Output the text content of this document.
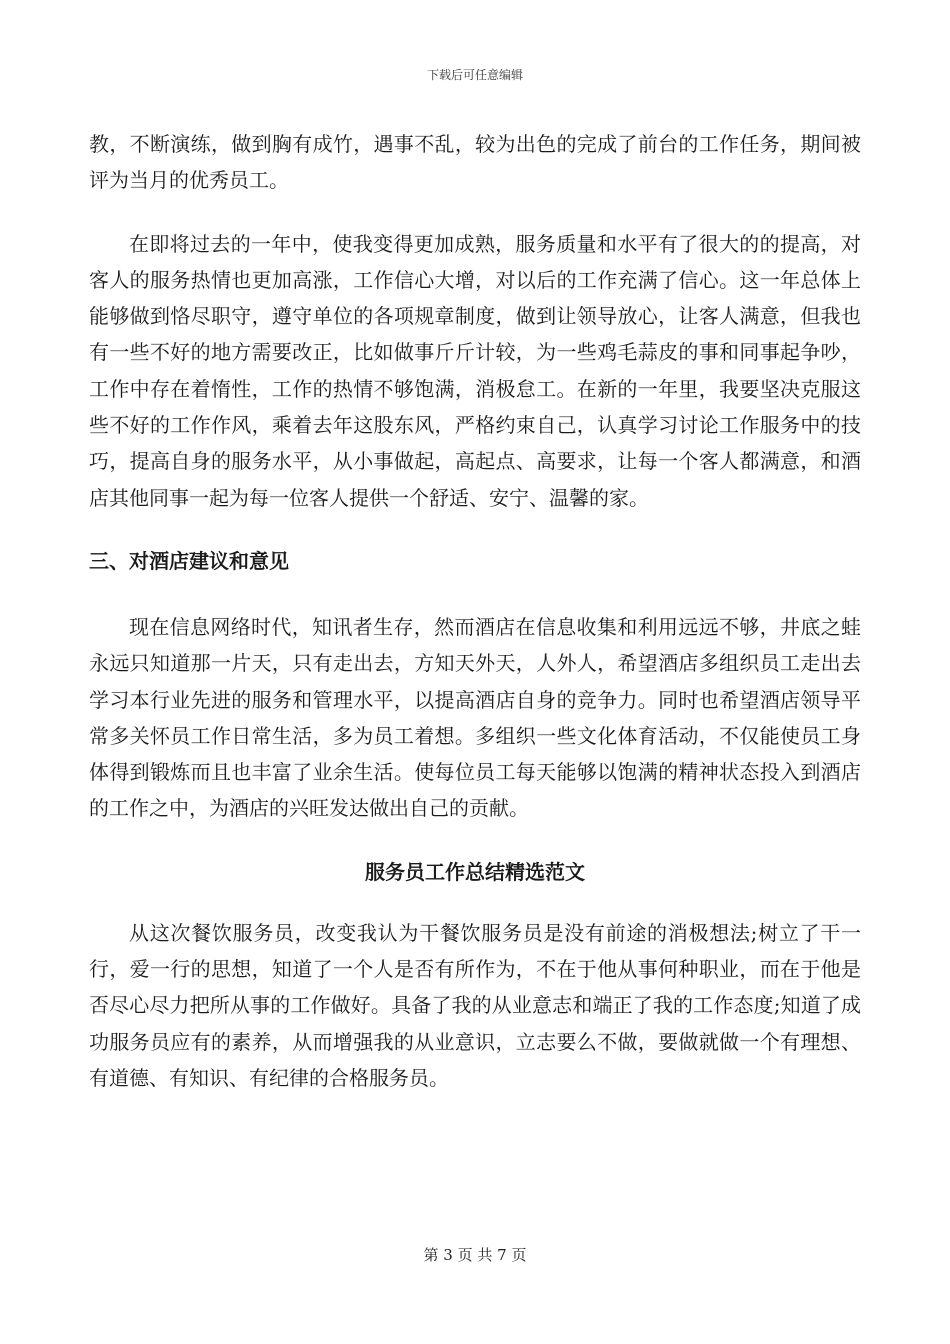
下载后可任意编辑

教，不断演练，做到胸有成竹，遇事不乱，较为出色的完成了前台的工作任务，期间被评为当月的优秀员工。

在即将过去的一年中，使我变得更加成熟，服务质量和水平有了很大的的提高，对客人的服务热情也更加高涨，工作信心大增，对以后的工作充满了信心。这一年总体上能够做到恪尽职守，遵守单位的各项规章制度，做到让领导放心，让客人满意，但我也有一些不好的地方需要改正，比如做事斤斤计较，为一些鸡毛蒜皮的事和同事起争吵，工作中存在着惰性，工作的热情不够饱满，消极怠工。在新的一年里，我要坚决克服这些不好的工作作风，乘着去年这股东风，严格约束自己，认真学习讨论工作服务中的技巧，提高自身的服务水平，从小事做起，高起点、高要求，让每一个客人都满意，和酒店其他同事一起为每一位客人提供一个舒适、安宁、温馨的家。

三、对酒店建议和意见

现在信息网络时代，知讯者生存，然而酒店在信息收集和利用远远不够，井底之蛙永远只知道那一片天，只有走出去，方知天外天，人外人，希望酒店多组织员工走出去学习本行业先进的服务和管理水平，以提高酒店自身的竞争力。同时也希望酒店领导平常多关怀员工作日常生活，多为员工着想。多组织一些文化体育活动，不仅能使员工身体得到锻炼而且也丰富了业余生活。使每位员工每天能够以饱满的精神状态投入到酒店的工作之中，为酒店的兴旺发达做出自己的贡献。

服务员工作总结精选范文

从这次餐饮服务员，改变我认为干餐饮服务员是没有前途的消极想法;树立了干一行，爱一行的思想，知道了一个人是否有所作为，不在于他从事何种职业，而在于他是否尽心尽力把所从事的工作做好。具备了我的从业意志和端正了我的工作态度;知道了成功服务员应有的素养，从而增强我的从业意识，立志要么不做，要做就做一个有理想、有道德、有知识、有纪律的合格服务员。

第 3 页 共 7 页
